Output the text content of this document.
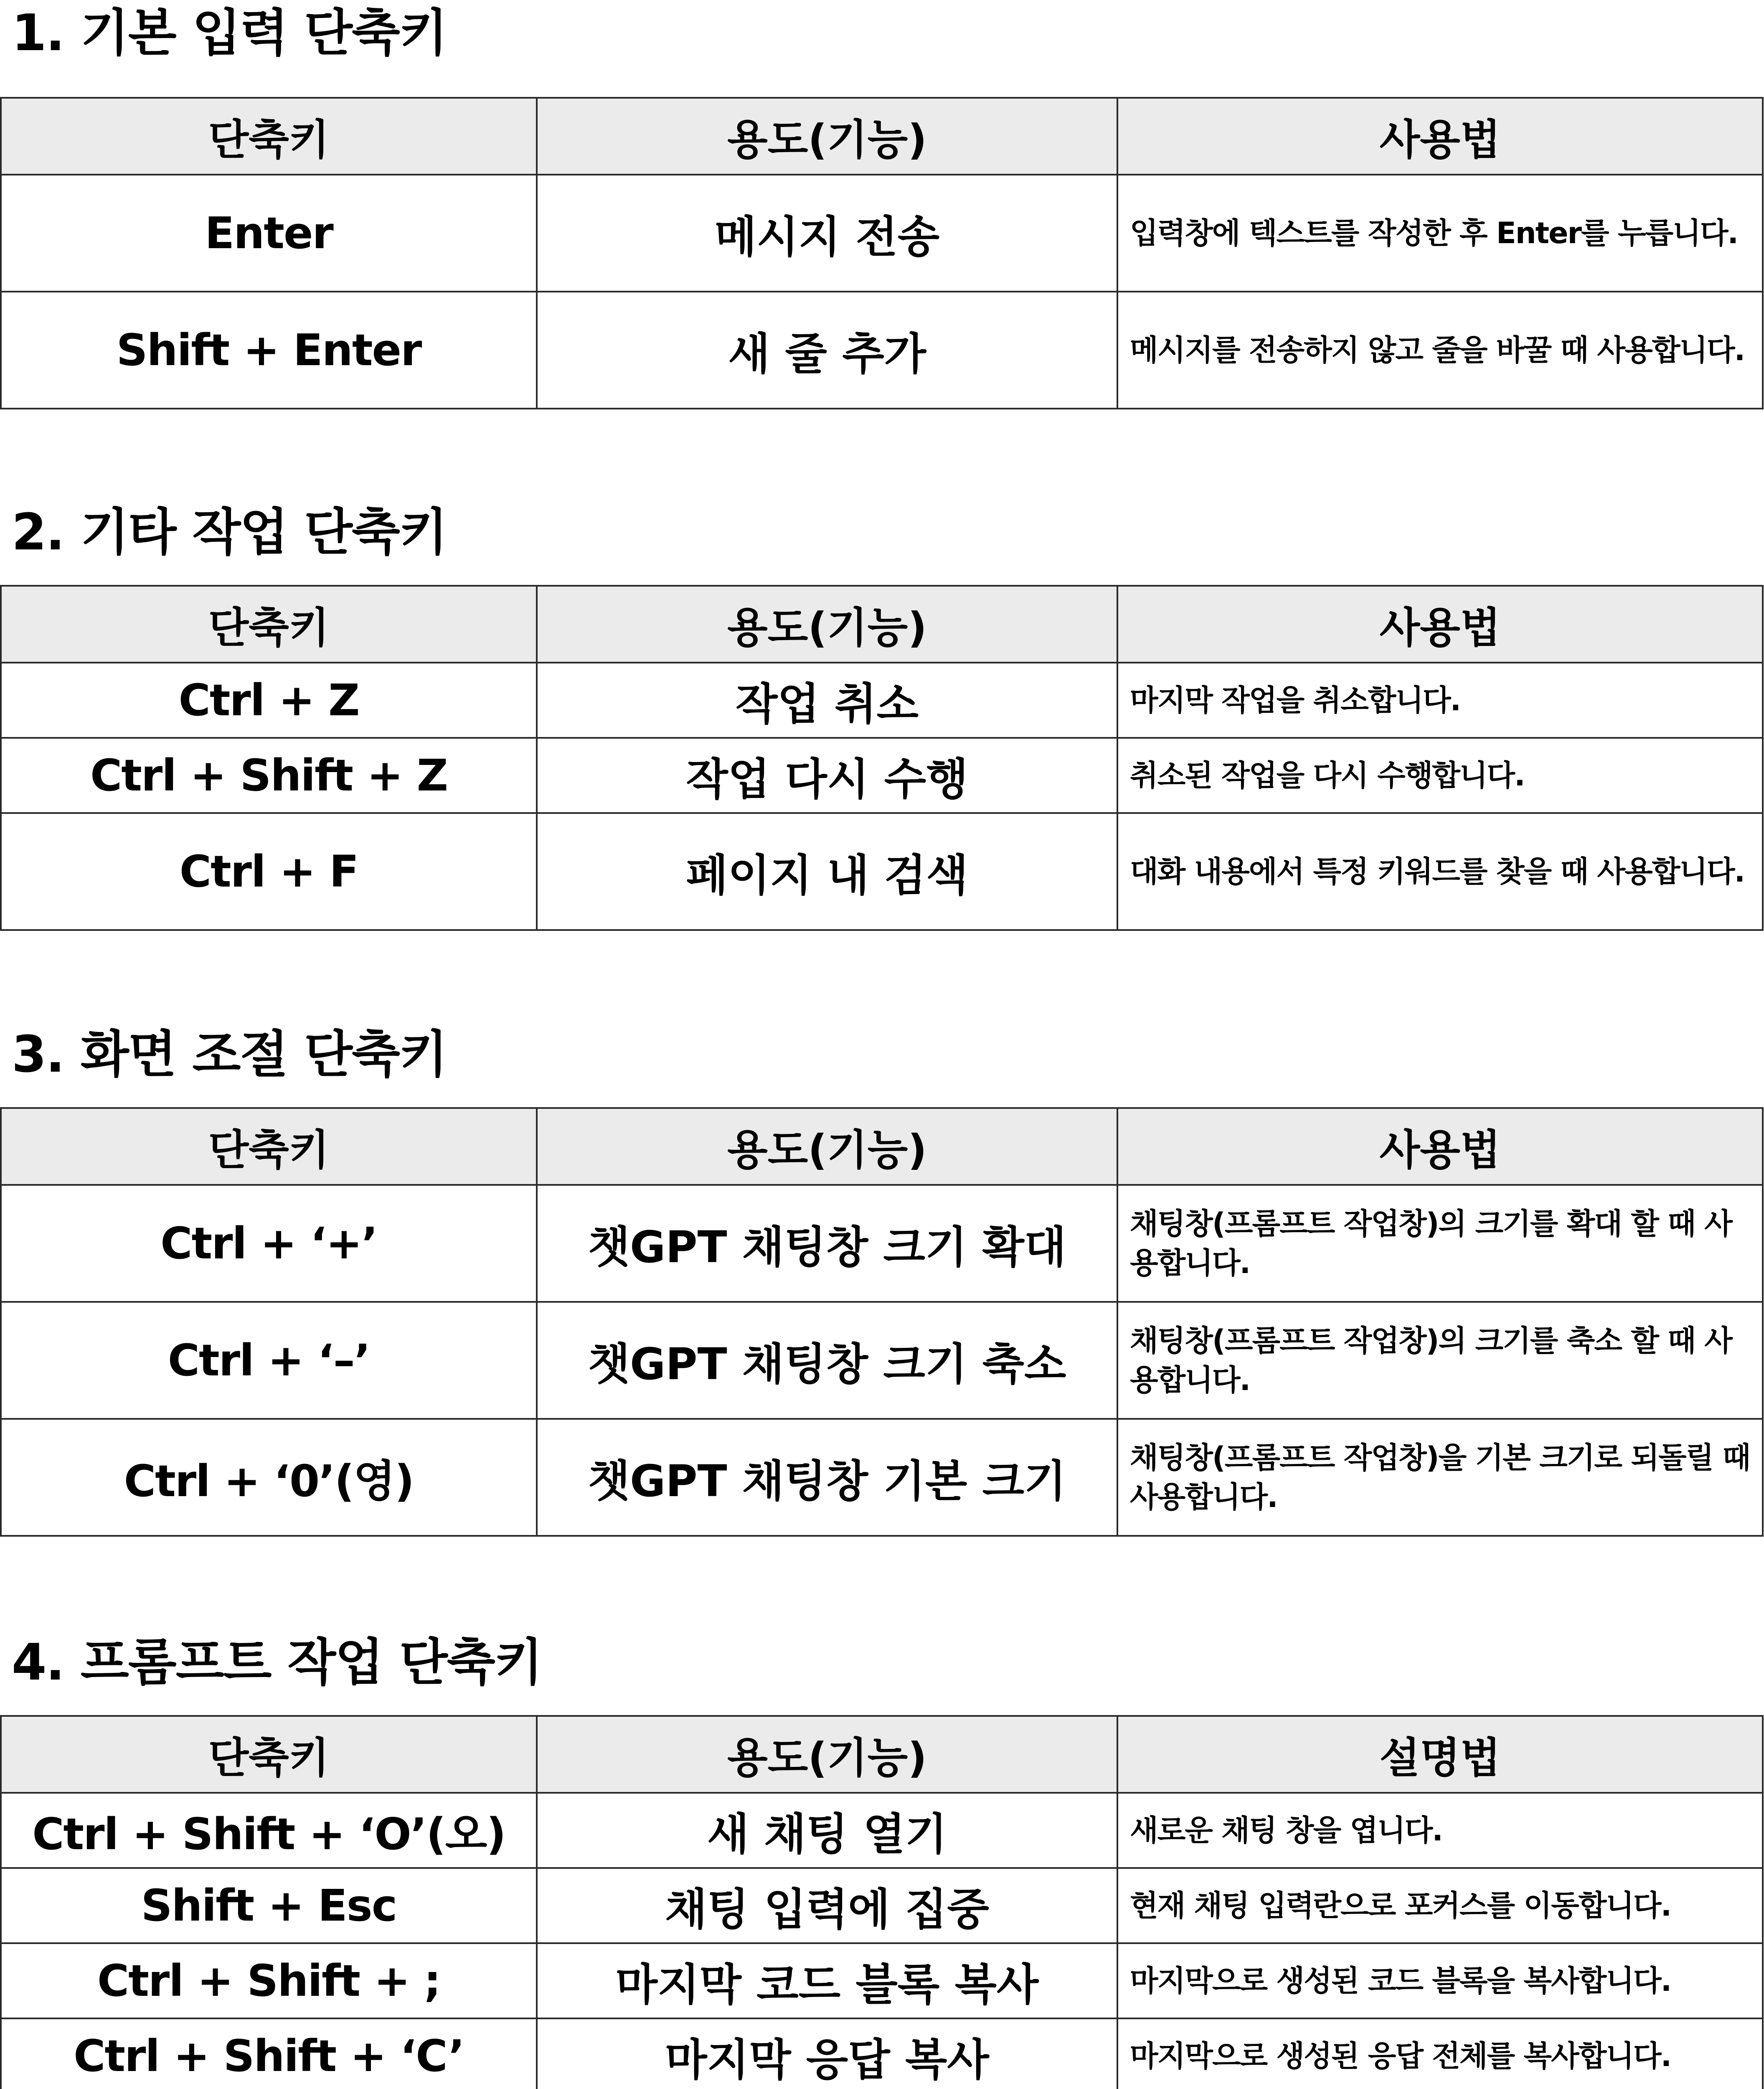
1. 기본 입력 단축키
단축키	용도(기능)	사용법
Enter	메시지 전송	입력창에 텍스트를 작성한 후 Enter를 누릅니다.
Shift + Enter	새 줄 추가	메시지를 전송하지 않고 줄을 바꿀 때 사용합니다.
2. 기타 작업 단축키
단축키	용도(기능)	사용법
Ctrl + Z	작업 취소	마지막 작업을 취소합니다.
Ctrl + Shift + Z	작업 다시 수행	취소된 작업을 다시 수행합니다.
Ctrl + F	페이지 내 검색	대화 내용에서 특정 키워드를 찾을 때 사용합니다.
3. 화면 조절 단축키
단축키	용도(기능)	사용법
Ctrl + ‘+’	챗GPT 채팅창 크기 확대	채팅창(프롬프트 작업창)의 크기를 확대 할 때 사용합니다.
Ctrl + ‘–’	챗GPT 채팅창 크기 축소	채팅창(프롬프트 작업창)의 크기를 축소 할 때 사용합니다.
Ctrl + ‘0’(영)	챗GPT 채팅창 기본 크기	채팅창(프롬프트 작업창)을 기본 크기로 되돌릴 때 사용합니다.
4. 프롬프트 작업 단축키
단축키	용도(기능)	설명법
Ctrl + Shift + ‘O’(오)	새 채팅 열기	새로운 채팅 창을 엽니다.
Shift + Esc	채팅 입력에 집중	현재 채팅 입력란으로 포커스를 이동합니다.
Ctrl + Shift + ;	마지막 코드 블록 복사	마지막으로 생성된 코드 블록을 복사합니다.
Ctrl + Shift + ‘C’	마지막 응답 복사	마지막으로 생성된 응답 전체를 복사합니다.
